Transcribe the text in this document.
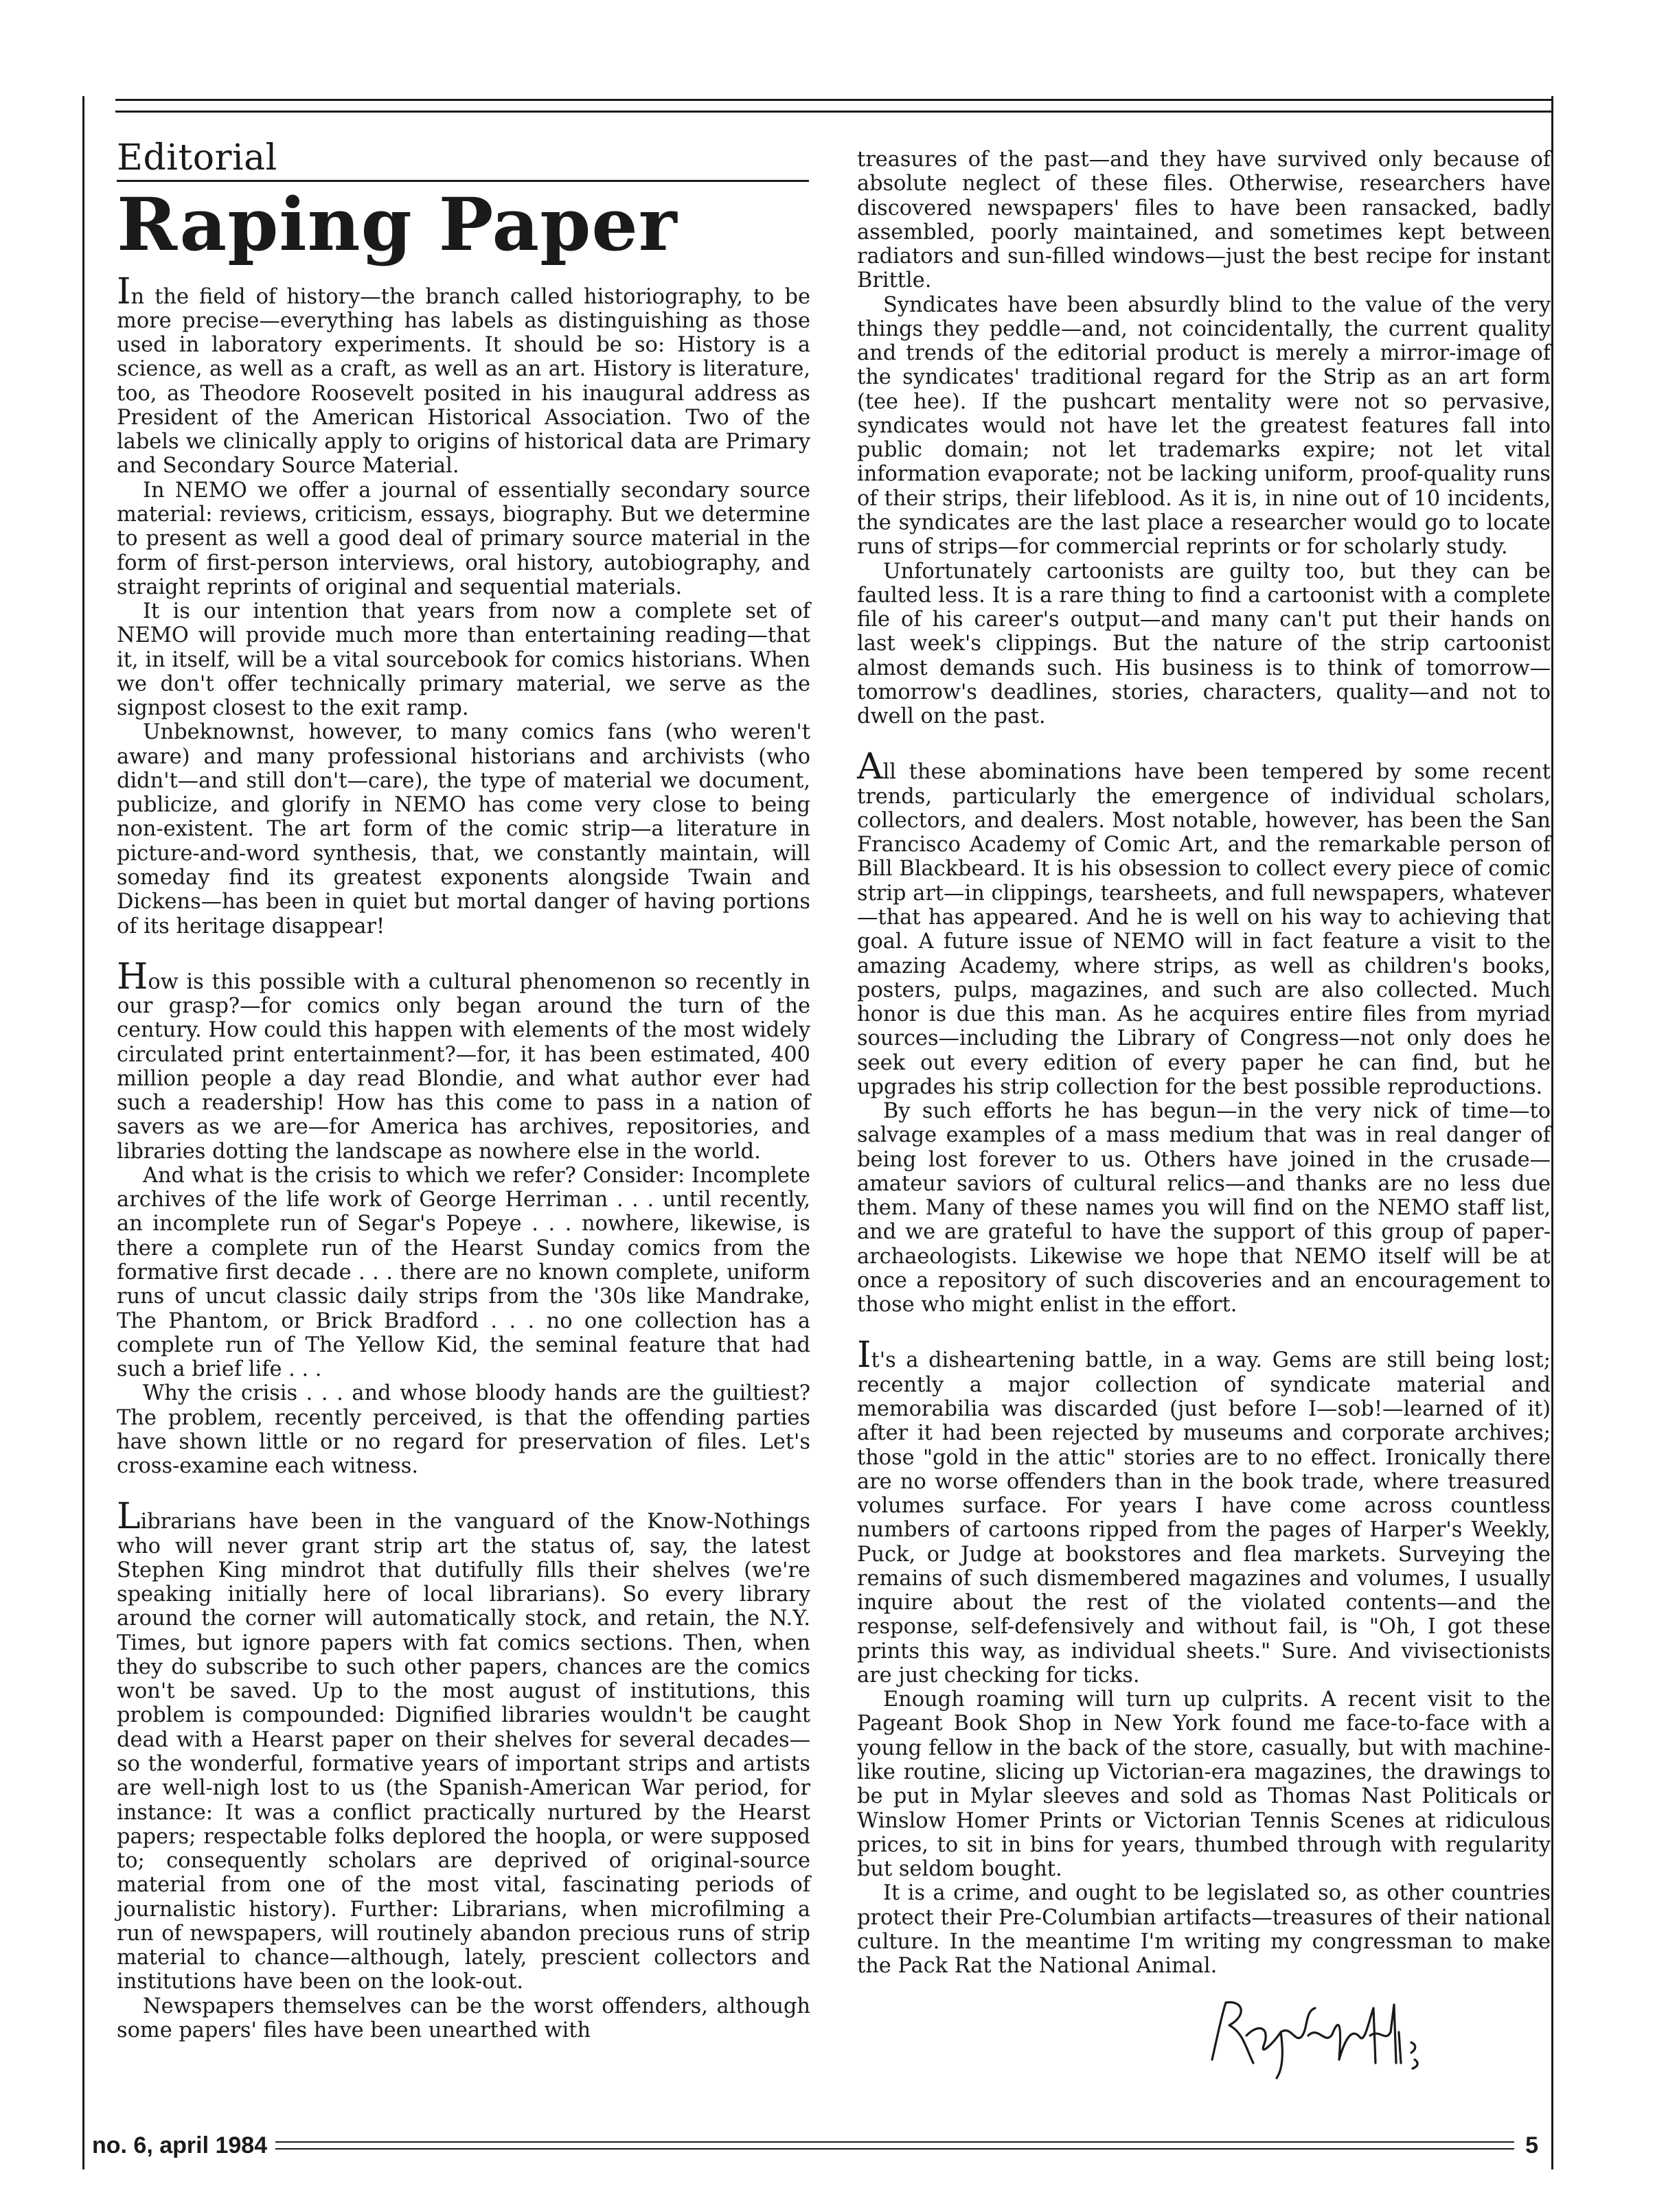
Editorial
Raping Paper

In the field of history—the branch called historiography, to be more precise—everything has labels as distinguishing as those used in laboratory experiments. It should be so: History is a science, as well as a craft, as well as an art. History is literature, too, as Theodore Roosevelt posited in his inaugural address as President of the American Historical Association. Two of the labels we clinically apply to origins of historical data are Primary and Secondary Source Material.

In NEMO we offer a journal of essentially secondary source material: reviews, criticism, essays, biography. But we determine to present as well a good deal of primary source material in the form of first-person interviews, oral history, autobiography, and straight reprints of original and sequential materials.

It is our intention that years from now a complete set of NEMO will provide much more than entertaining reading—that it, in itself, will be a vital sourcebook for comics historians. When we don't offer technically primary material, we serve as the signpost closest to the exit ramp.

Unbeknownst, however, to many comics fans (who weren't aware) and many professional historians and archivists (who didn't—and still don't—care), the type of material we document, publicize, and glorify in NEMO has come very close to being non-existent. The art form of the comic strip—a literature in picture-and-word synthesis, that, we constantly maintain, will someday find its greatest exponents alongside Twain and Dickens—has been in quiet but mortal danger of having portions of its heritage disappear!

How is this possible with a cultural phenomenon so recently in our grasp?—for comics only began around the turn of the century. How could this happen with elements of the most widely circulated print entertainment?—for, it has been estimated, 400 million people a day read Blondie, and what author ever had such a readership! How has this come to pass in a nation of savers as we are—for America has archives, repositories, and libraries dotting the landscape as nowhere else in the world.

And what is the crisis to which we refer? Consider: Incomplete archives of the life work of George Herriman . . . until recently, an incomplete run of Segar's Popeye . . . nowhere, likewise, is there a complete run of the Hearst Sunday comics from the formative first decade . . . there are no known complete, uniform runs of uncut classic daily strips from the '30s like Mandrake, The Phantom, or Brick Bradford . . . no one collection has a complete run of The Yellow Kid, the seminal feature that had such a brief life . . .

Why the crisis . . . and whose bloody hands are the guiltiest? The problem, recently perceived, is that the offending parties have shown little or no regard for preservation of files. Let's cross-examine each witness.

Librarians have been in the vanguard of the Know-Nothings who will never grant strip art the status of, say, the latest Stephen King mindrot that dutifully fills their shelves (we're speaking initially here of local librarians). So every library around the corner will automatically stock, and retain, the N.Y. Times, but ignore papers with fat comics sections. Then, when they do subscribe to such other papers, chances are the comics won't be saved. Up to the most august of institutions, this problem is compounded: Dignified libraries wouldn't be caught dead with a Hearst paper on their shelves for several decades—so the wonderful, formative years of important strips and artists are well-nigh lost to us (the Spanish-American War period, for instance: It was a conflict practically nurtured by the Hearst papers; respectable folks deplored the hoopla, or were supposed to; consequently scholars are deprived of original-source material from one of the most vital, fascinating periods of journalistic history). Further: Librarians, when microfilming a run of newspapers, will routinely abandon precious runs of strip material to chance—although, lately, prescient collectors and institutions have been on the look-out.

Newspapers themselves can be the worst offenders, although some papers' files have been unearthed with

treasures of the past—and they have survived only because of absolute neglect of these files. Otherwise, researchers have discovered newspapers' files to have been ransacked, badly assembled, poorly maintained, and sometimes kept between radiators and sun-filled windows—just the best recipe for instant Brittle.

Syndicates have been absurdly blind to the value of the very things they peddle—and, not coincidentally, the current quality and trends of the editorial product is merely a mirror-image of the syndicates' traditional regard for the Strip as an art form (tee hee). If the pushcart mentality were not so pervasive, syndicates would not have let the greatest features fall into public domain; not let trademarks expire; not let vital information evaporate; not be lacking uniform, proof-quality runs of their strips, their lifeblood. As it is, in nine out of 10 incidents, the syndicates are the last place a researcher would go to locate runs of strips—for commercial reprints or for scholarly study.

Unfortunately cartoonists are guilty too, but they can be faulted less. It is a rare thing to find a cartoonist with a complete file of his career's output—and many can't put their hands on last week's clippings. But the nature of the strip cartoonist almost demands such. His business is to think of tomorrow—tomorrow's deadlines, stories, characters, quality—and not to dwell on the past.

All these abominations have been tempered by some recent trends, particularly the emergence of individual scholars, collectors, and dealers. Most notable, however, has been the San Francisco Academy of Comic Art, and the remarkable person of Bill Blackbeard. It is his obsession to collect every piece of comic strip art—in clippings, tearsheets, and full newspapers, whatever—that has appeared. And he is well on his way to achieving that goal. A future issue of NEMO will in fact feature a visit to the amazing Academy, where strips, as well as children's books, posters, pulps, magazines, and such are also collected. Much honor is due this man. As he acquires entire files from myriad sources—including the Library of Congress—not only does he seek out every edition of every paper he can find, but he upgrades his strip collection for the best possible reproductions.

By such efforts he has begun—in the very nick of time—to salvage examples of a mass medium that was in real danger of being lost forever to us. Others have joined in the crusade—amateur saviors of cultural relics—and thanks are no less due them. Many of these names you will find on the NEMO staff list, and we are grateful to have the support of this group of paper-archaeologists. Likewise we hope that NEMO itself will be at once a repository of such discoveries and an encouragement to those who might enlist in the effort.

It's a disheartening battle, in a way. Gems are still being lost; recently a major collection of syndicate material and memorabilia was discarded (just before I—sob!—learned of it) after it had been rejected by museums and corporate archives; those "gold in the attic" stories are to no effect. Ironically there are no worse offenders than in the book trade, where treasured volumes surface. For years I have come across countless numbers of cartoons ripped from the pages of Harper's Weekly, Puck, or Judge at bookstores and flea markets. Surveying the remains of such dismembered magazines and volumes, I usually inquire about the rest of the violated contents—and the response, self-defensively and without fail, is "Oh, I got these prints this way, as individual sheets." Sure. And vivisectionists are just checking for ticks.

Enough roaming will turn up culprits. A recent visit to the Pageant Book Shop in New York found me face-to-face with a young fellow in the back of the store, casually, but with machine-like routine, slicing up Victorian-era magazines, the drawings to be put in Mylar sleeves and sold as Thomas Nast Politicals or Winslow Homer Prints or Victorian Tennis Scenes at ridiculous prices, to sit in bins for years, thumbed through with regularity but seldom bought.

It is a crime, and ought to be legislated so, as other countries protect their Pre-Columbian artifacts—treasures of their national culture. In the meantime I'm writing my congressman to make the Pack Rat the National Animal.

no. 6, april 1984	5
